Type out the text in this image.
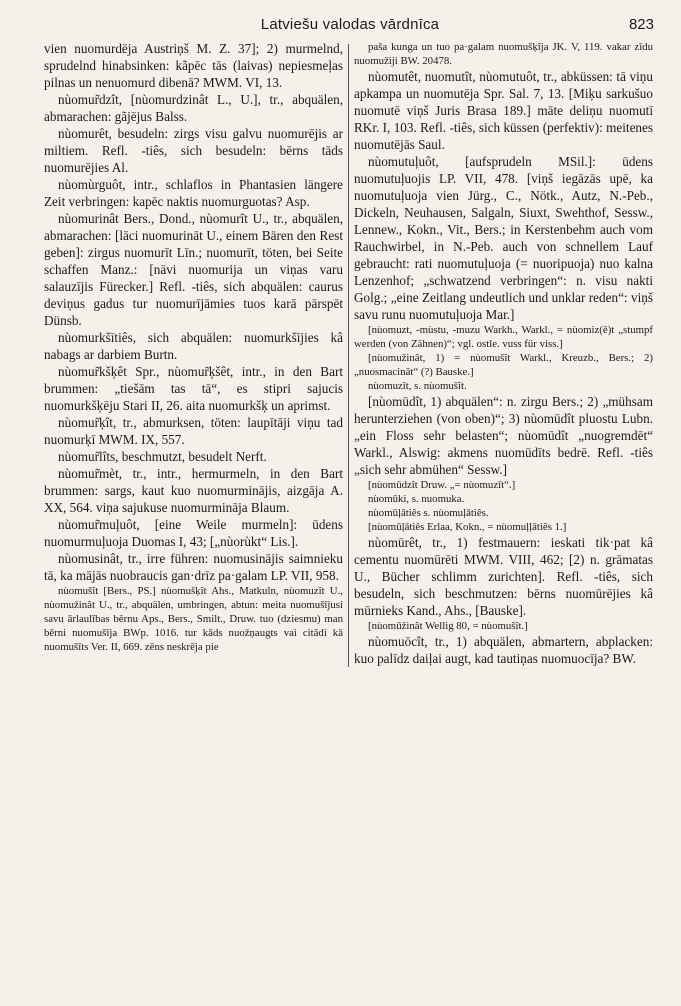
Latviešu valodas vārdnīca	823

vien nuomurdēja Austriņš M. Z. 37]; 2) murmelnd, sprudelnd hinabsinken: kãpēc tās (laivas) nepiesmeļas pilnas un nenuomurd dibenā? MWM. VI, 13.

nùomur̃dzît, [nùomurdzinât L., U.], tr., abquälen, abmarachen: gãjējus Balss.

nùomurêt, besudeln: zirgs visu galvu nuomurējis ar miltiem. Refl. -tiês, sich besudeln: bērns tāds nuomurējies Al.

nùomùrguôt, intr., schlaflos in Phantasien längere Zeit verbringen: kapēc naktis nuomurguotas? Asp.

nùomurinât Bers., Dond., nùomurît U., tr., abquälen, abmarachen: [lāci nuomurināt U., einem Bären den Rest geben]: zirgus nuomurīt Līn.; nuomurīt, töten, bei Seite schaffen Manz.: [nāvi nuomurija un viņas varu salauzījis Fürecker.] Refl. -tiês, sich abquälen: caurus deviņus gadus tur nuomurījāmies tuos karā pārspēt Dünsb.

nùomurkšītiês, sich abquälen: nuomurkšījies kâ nabags ar darbiem Burtn.

nùomur̃kšķêt Spr., nùomur̃ķšêt, intr., in den Bart brummen: „tiešām tas tā“, es stipri sajucis nuomurkšķēju Stari II, 26. aita nuomurkšķ un aprimst.

nùomur̃ķît, tr., abmurksen, töten: laupītāji viņu tad nuomurķī MWM. IX, 557.

nùomur̃lîts, beschmutzt, besudelt Nerft.

nùomur̃mèt, tr., intr., hermurmeln, in den Bart brummen: sargs, kaut kuo nuomurminājis, aizgāja A. XX, 564. viņa sajukuse nuomurmināja Blaum.

nùomur̃muļuôt, [eine Weile murmeln]: ūdens nuomurmuļuoja Duomas I, 43; [„nùorùkt“ Lis.].

nùomusinât, tr., irre führen: nuomusinājis saimnieku tā, ka mājās nuobraucis gan·drīz pa·galam LP. VII, 958.

nùomušît [Bers., PS.] nùomušķît Ahs., Matkuln, nùomuzît U., nùomužinât U., tr., abquälen, umbringen, abtun: meita nuomušījusi savu ārlaulības bērnu Aps., Bers., Smilt., Druw. tuo (dziesmu) man bērni nuomušīja BWp. 1016. tur kāds nuožņaugts vai citādi kā nuomušīts Ver. II, 669. zēns neskrēja pie

paša kunga un tuo pa·galam nuomušķīja JK. V, 119. vakar zīdu nuomužiji BW. 20478.

nùomutêt, nuomutît, nùomutuôt, tr., abküssen: tā viņu apkampa un nuomutēja Spr. Sal. 7, 13. [Miķu sarkušuo nuomutē viņš Juris Brasa 189.] māte deliņu nuomutī RKr. I, 103. Refl. -tiês, sich küssen (perfektiv): meitenes nuomutējās Saul.

nùomutuļuôt, [aufsprudeln MSil.]: ūdens nuomutuļuojis LP. VII, 478. [viņš iegāzās upē, ka nuomutuļuoja vien Jürg., C., Nötk., Autz, N.-Peb., Dickeln, Neuhausen, Salgaln, Siuxt, Swehthof, Sessw., Lennew., Kokn., Vit., Bers.; in Kerstenbehm auch vom Rauchwirbel, in N.-Peb. auch von schnellem Lauf gebraucht: rati nuomutuļuoja (= nuoripuoja) nuo kalna Lenzenhof; „schwatzend verbringen“: n. visu nakti Golg.; „eine Zeitlang undeutlich und unklar reden“: viņš savu runu nuomutuļuoja Mar.]

[nùomuzt, -mùstu, -muzu Warkh., Warkl., = nùomiz(ē)t „stumpf werden (von Zähnen)“; vgl. ostle. vuss für viss.]

[nùomužinât, 1) = nùomušît Warkl., Kreuzb., Bers.; 2) „nuosmacināt“ (?) Bauske.]

nùomuzît, s. nùomušît.

[nùomūdît, 1) abquälen“: n. zirgu Bers.; 2) „mühsam herunterziehen (von oben)“; 3) nùomūdît pluostu Lubn. „ein Floss sehr belasten“; nùomūdît „nuogremdēt“ Warkl., Alswig: akmens nuomūdīts bedrē. Refl. -tiês „sich sehr abmühen“ Sessw.]

[nùomūdzît Druw. „= nùomuzīt“.]

nùomūki, s. nuomuka.

nùomūļātiês s. nùomuļātiês.

[nùomūļātiês Erlaa, Kokn., = nùomuļļātiês 1.]

nùomūrêt, tr., 1) festmauern: ieskati tik·pat kâ cementu nuomūrēti MWM. VIII, 462; [2) n. grāmatas U., Bücher schlimm zurichten]. Refl. -tiês, sich besudeln, sich beschmutzen: bērns nuomūrējies kâ mūrnieks Kand., Ahs., [Bauske].

[nùomūžinât Wellig 80, = nùomušît.]

nùomuōcît, tr., 1) abquälen, abmartern, abplacken: kuo palīdz daiļai augt, kad tautiņas nuomuocīja? BW.
